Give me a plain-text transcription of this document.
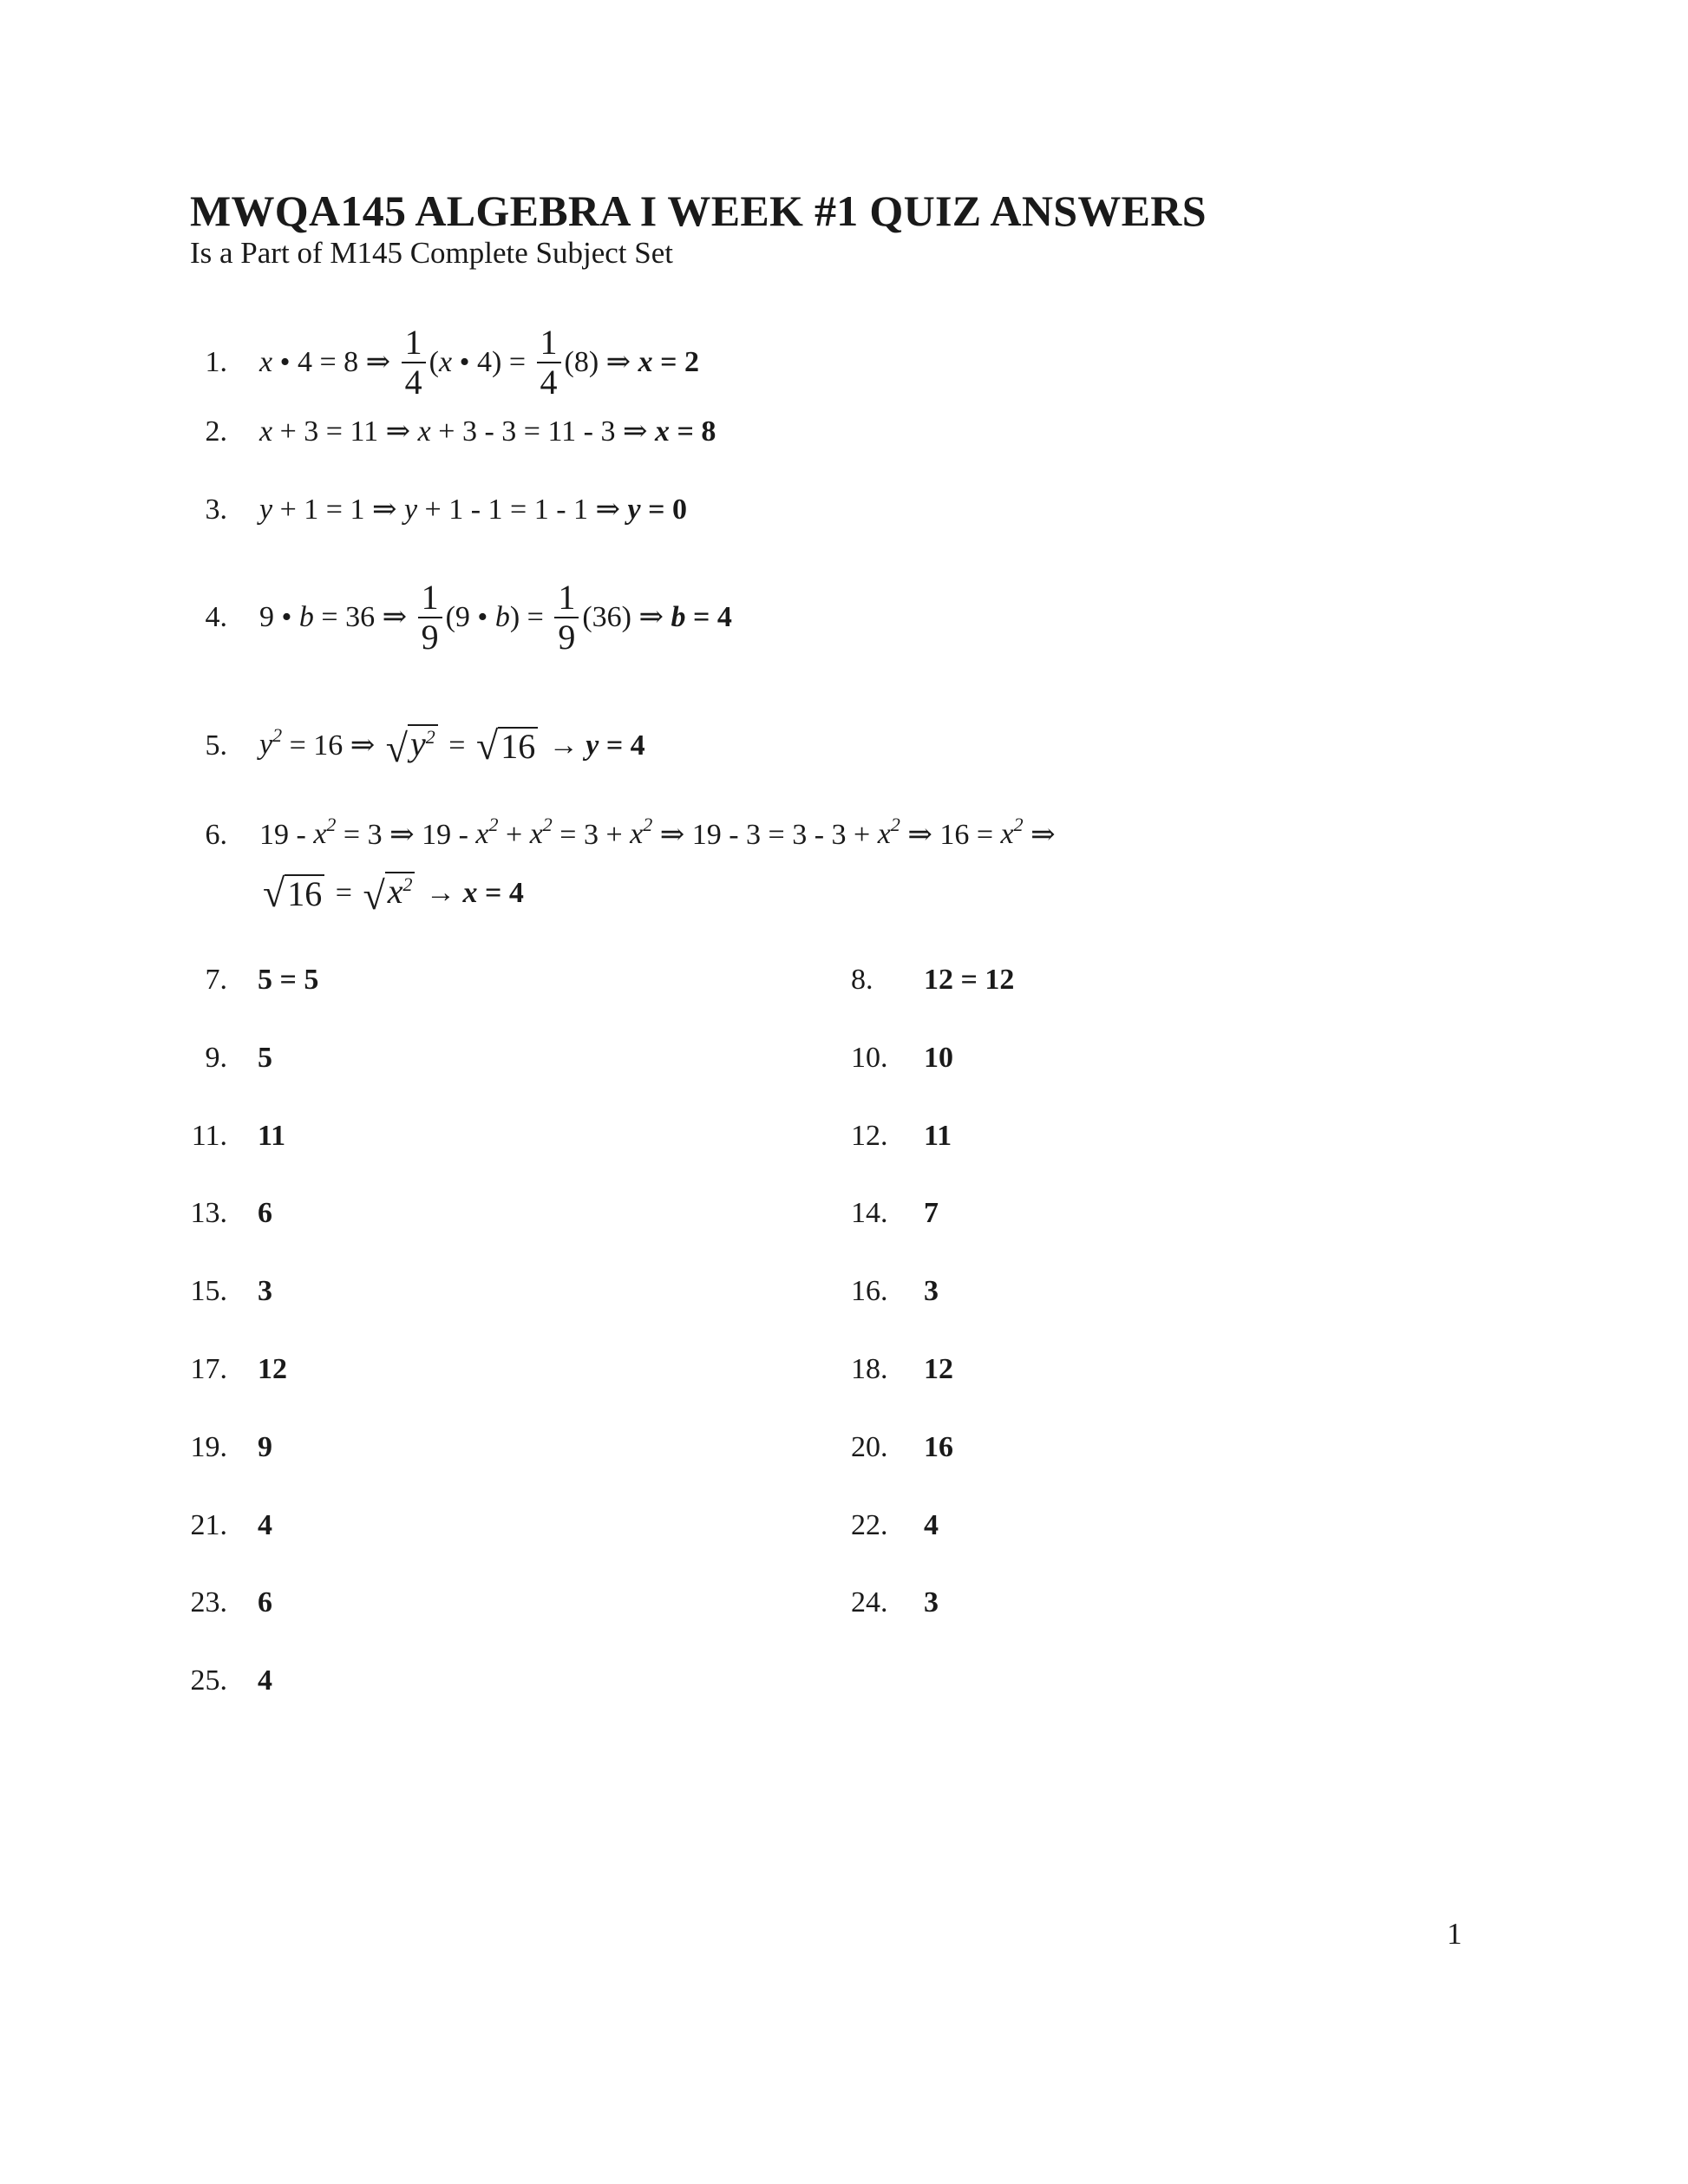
MWQA145 ALGEBRA I WEEK #1 QUIZ ANSWERS
Is a Part of M145 Complete Subject Set
1. x • 4 = 8 ⇒ $\frac{1}{4}$ ( x • $4) = \frac{1}{4} (8)$ ⇒ x = 2
2. x + 3 = 11 ⇒ x + 3 - 3 = 11 - 3 ⇒ x = 8
3. y + 1 = 1 ⇒ y + 1 - 1 = 1 - 1 ⇒ y = 0
4. 9 • b = 36 ⇒ $\frac{1}{9} (9$ • b ) = $\frac{1}{9} (36)$ ⇒ b = 4
5. $y^2 = 16$ ⇒ √ $y^2$ = √ 16 → y = 4
6. $19 - x^2 = 3$ ⇒ $19 - x^2 + x^2 = 3 + x^2$ ⇒ $19 - 3 = 3 - 3 + x^2$ ⇒ $16 = x^2$ ⇒
√ 16 = √ $x^2 \to x = 4$
7. 5 = 5	8.	12 = 12
9. 5	10.	10
11. 11	12.	11
13. 6	14.	7
15. 3	16.	3
17. 12	18.	12
19. 9	20.	16
21. 4	22.	4
23. 6	24.	3
25. 4
1
